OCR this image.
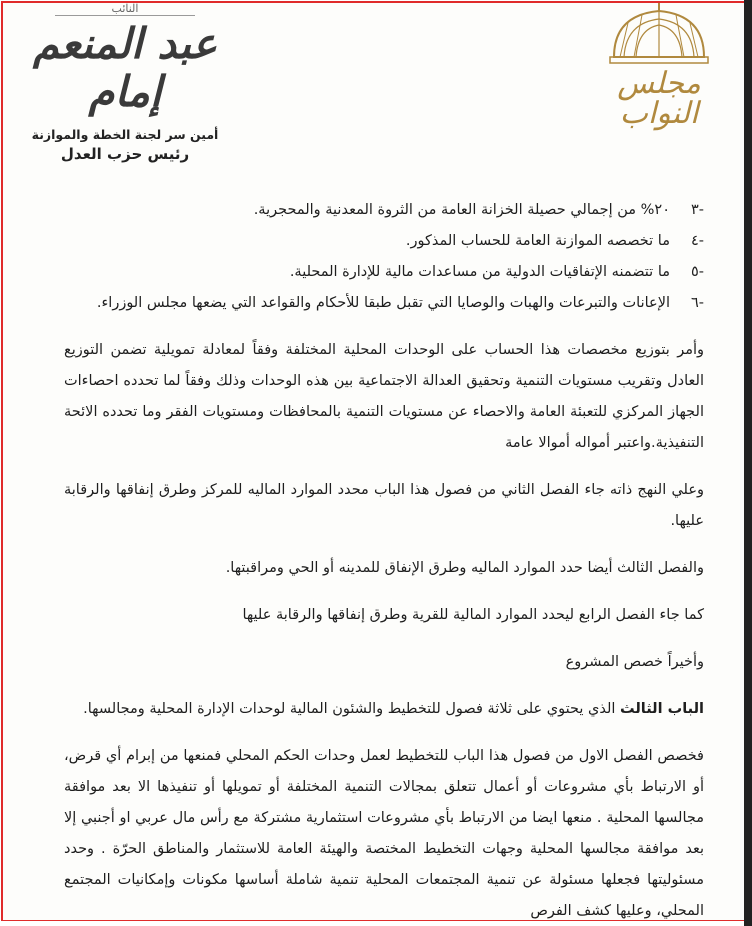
مجلس النواب
النائب
عبد المنعم إمام
أمين سر لجنة الخطة والموازنة
رئيس حزب العدل
-٣
٢٠% من إجمالي حصيلة الخزانة العامة من الثروة المعدنية والمحجرية.
-٤
ما تخصصه الموازنة العامة للحساب المذكور.
-٥
ما تتضمنه الإتفاقيات الدولية من مساعدات مالية للإدارة المحلية.
-٦
الإعانات والتبرعات والهبات والوصايا التي تقبل طبقا للأحكام والقواعد التي يضعها مجلس الوزراء.

وأمر بتوزيع مخصصات هذا الحساب على الوحدات المحلية المختلفة وفقاً لمعادلة تمويلية تضمن التوزيع العادل وتقريب مستويات التنمية وتحقيق العدالة الاجتماعية بين هذه الوحدات وذلك وفقاً لما تحدده احصاءات الجهاز المركزي للتعبئة العامة والاحصاء عن مستويات التنمية بالمحافظات ومستويات الفقر وما تحدده الائحة التنفيذية.واعتبر أمواله أموالا عامة

وعلي النهج ذاته جاء الفصل الثاني من فصول هذا الباب محدد الموارد الماليه للمركز وطرق إنفاقها والرقابة عليها.

والفصل الثالث أيضا حدد الموارد الماليه وطرق الإنفاق للمدينه أو الحي ومراقبتها.

كما جاء الفصل الرابع ليحدد الموارد المالية للقرية وطرق إنفاقها والرقابة عليها

وأخيراً خصص المشروع

الباب الثالث الذي يحتوي على ثلاثة فصول للتخطيط والشئون المالية لوحدات الإدارة المحلية ومجالسها.

فخصص الفصل الاول من فصول هذا الباب للتخطيط لعمل وحدات الحكم المحلي فمنعها من إبرام أي قرض، أو الارتباط بأي مشروعات أو أعمال تتعلق بمجالات التنمية المختلفة أو تمويلها أو تنفيذها الا بعد موافقة مجالسها المحلية . منعها ايضا من الارتباط بأي مشروعات استثمارية مشتركة مع رأس مال عربي او أجنبي إلا بعد موافقة مجالسها المحلية وجهات التخطيط المختصة والهيئة العامة للاستثمار والمناطق الحرّة . وحدد مسئوليتها فجعلها مسئولة عن تنمية المجتمعات المحلية تنمية شاملة أساسها مكونات وإمكانيات المجتمع المحلي، وعليها كشف الفرص
